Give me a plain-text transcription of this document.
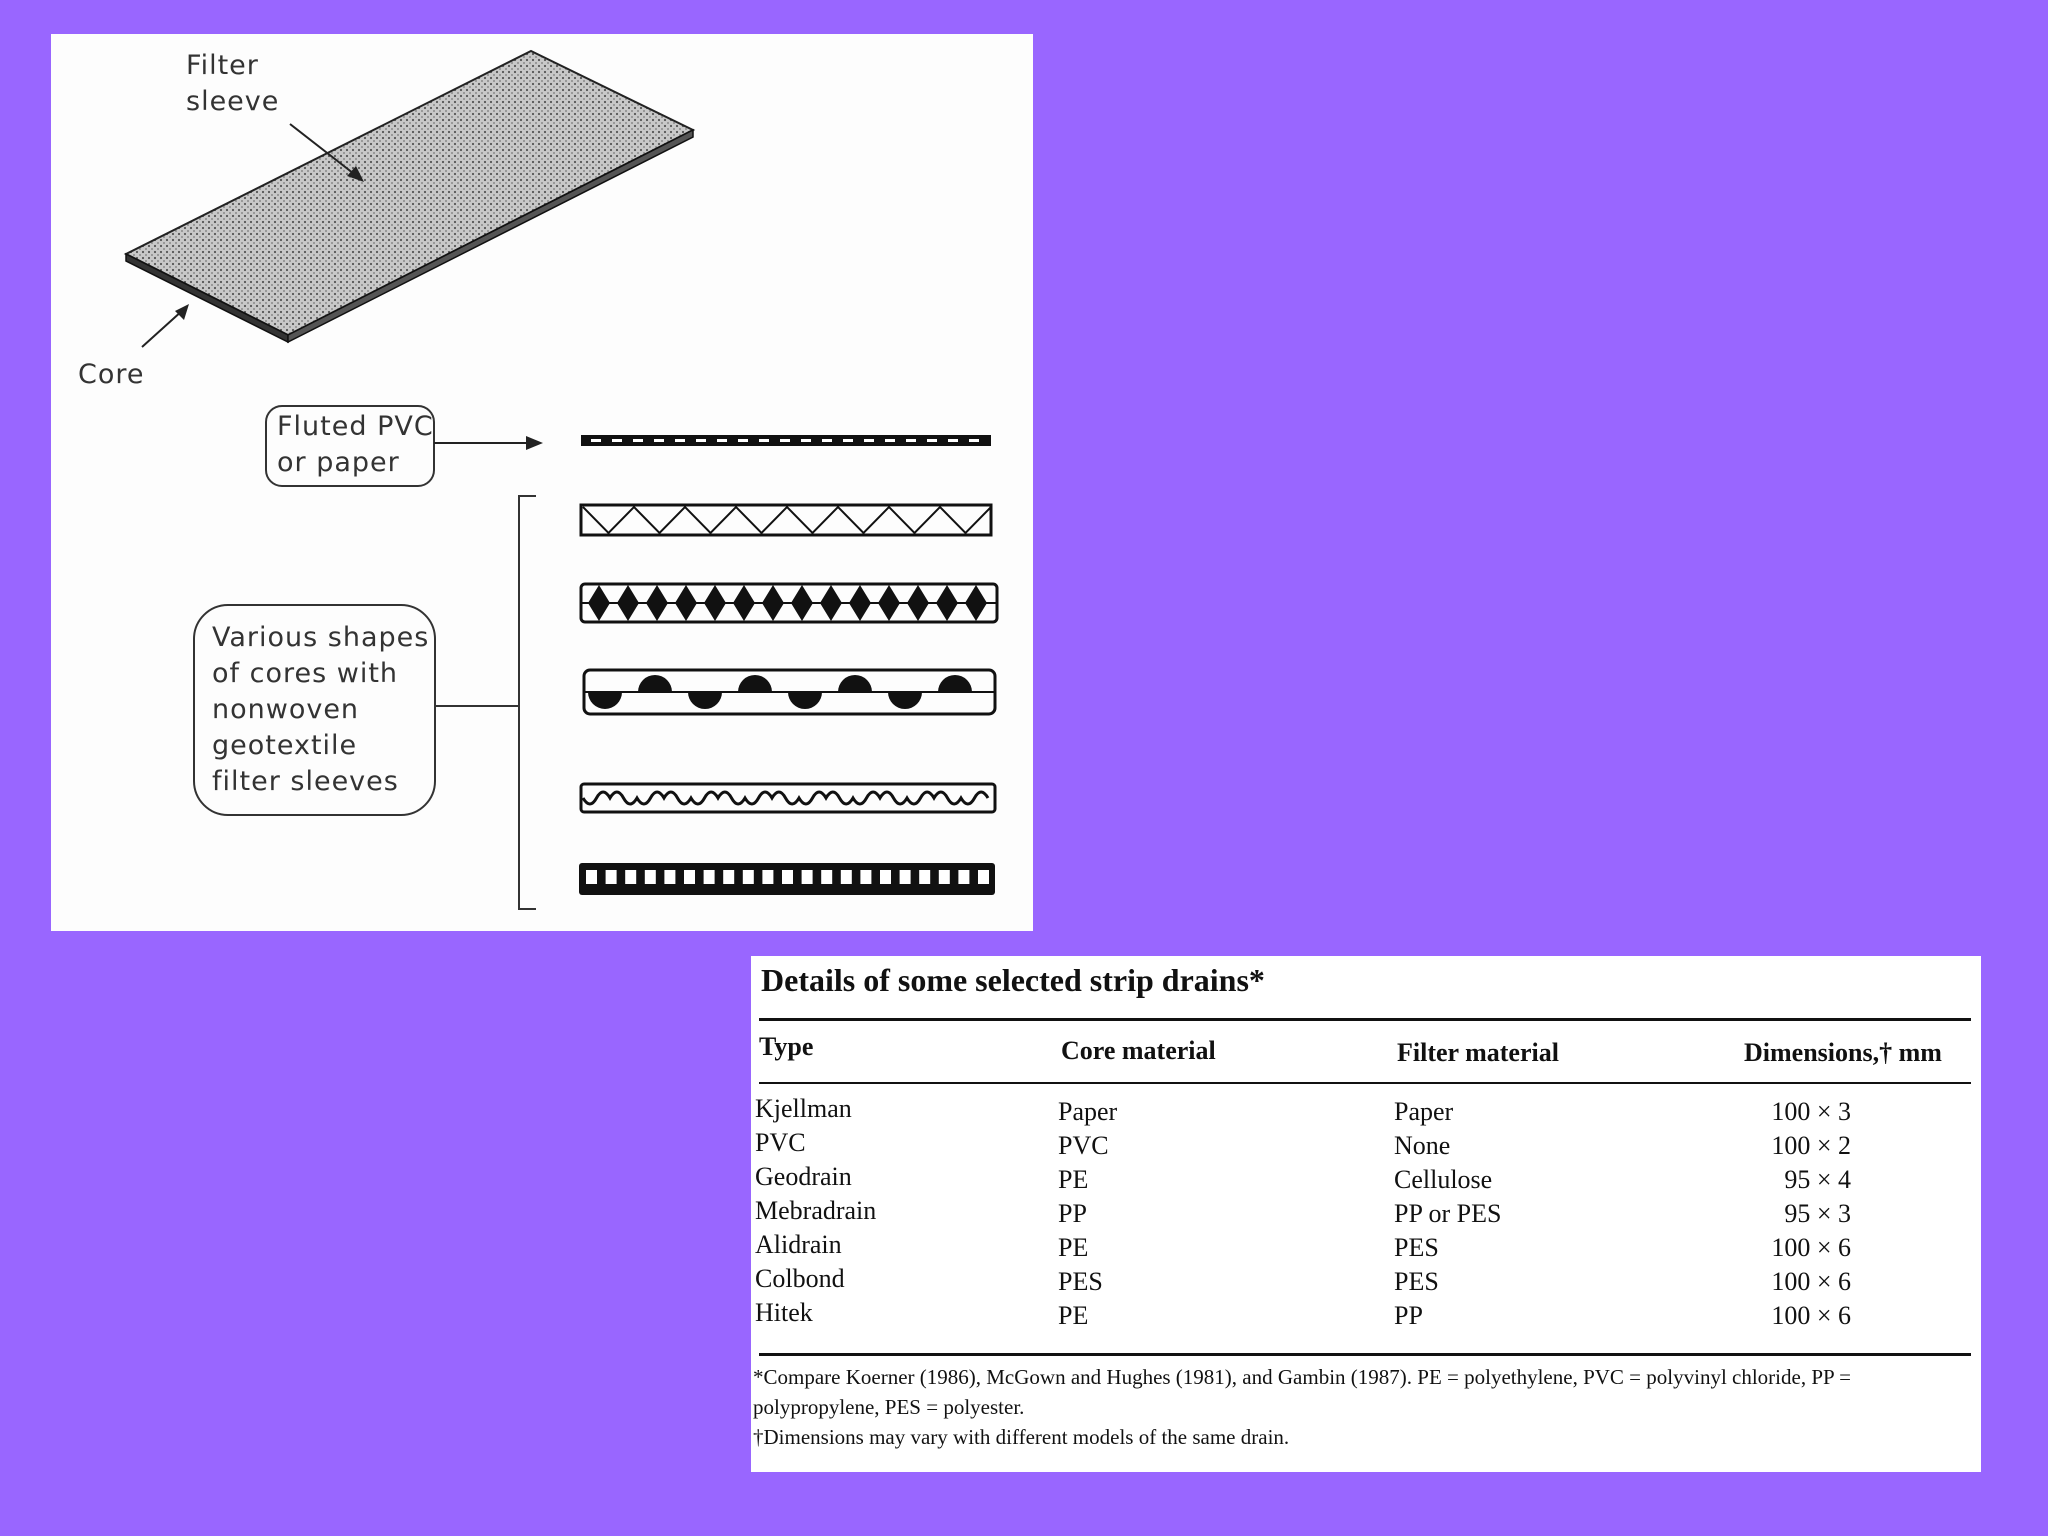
Filter
sleeve
Core
Fluted PVC
or paper
Various shapes
of cores with
nonwoven
geotextile
filter sleeves
Details of some selected strip drains*
Type	Core material	Filter material	Dimensions,† mm
Kjellman	Paper	Paper	100 × 3
PVC	PVC	None	100 × 2
Geodrain	PE	Cellulose	95 × 4
Mebradrain	PP	PP or PES	95 × 3
Alidrain	PE	PES	100 × 6
Colbond	PES	PES	100 × 6
Hitek	PE	PP	100 × 6
*Compare Koerner (1986), McGown and Hughes (1981), and Gambin (1987). PE = polyethylene, PVC = polyvinyl chloride, PP = polypropylene, PES = polyester.
†Dimensions may vary with different models of the same drain.
